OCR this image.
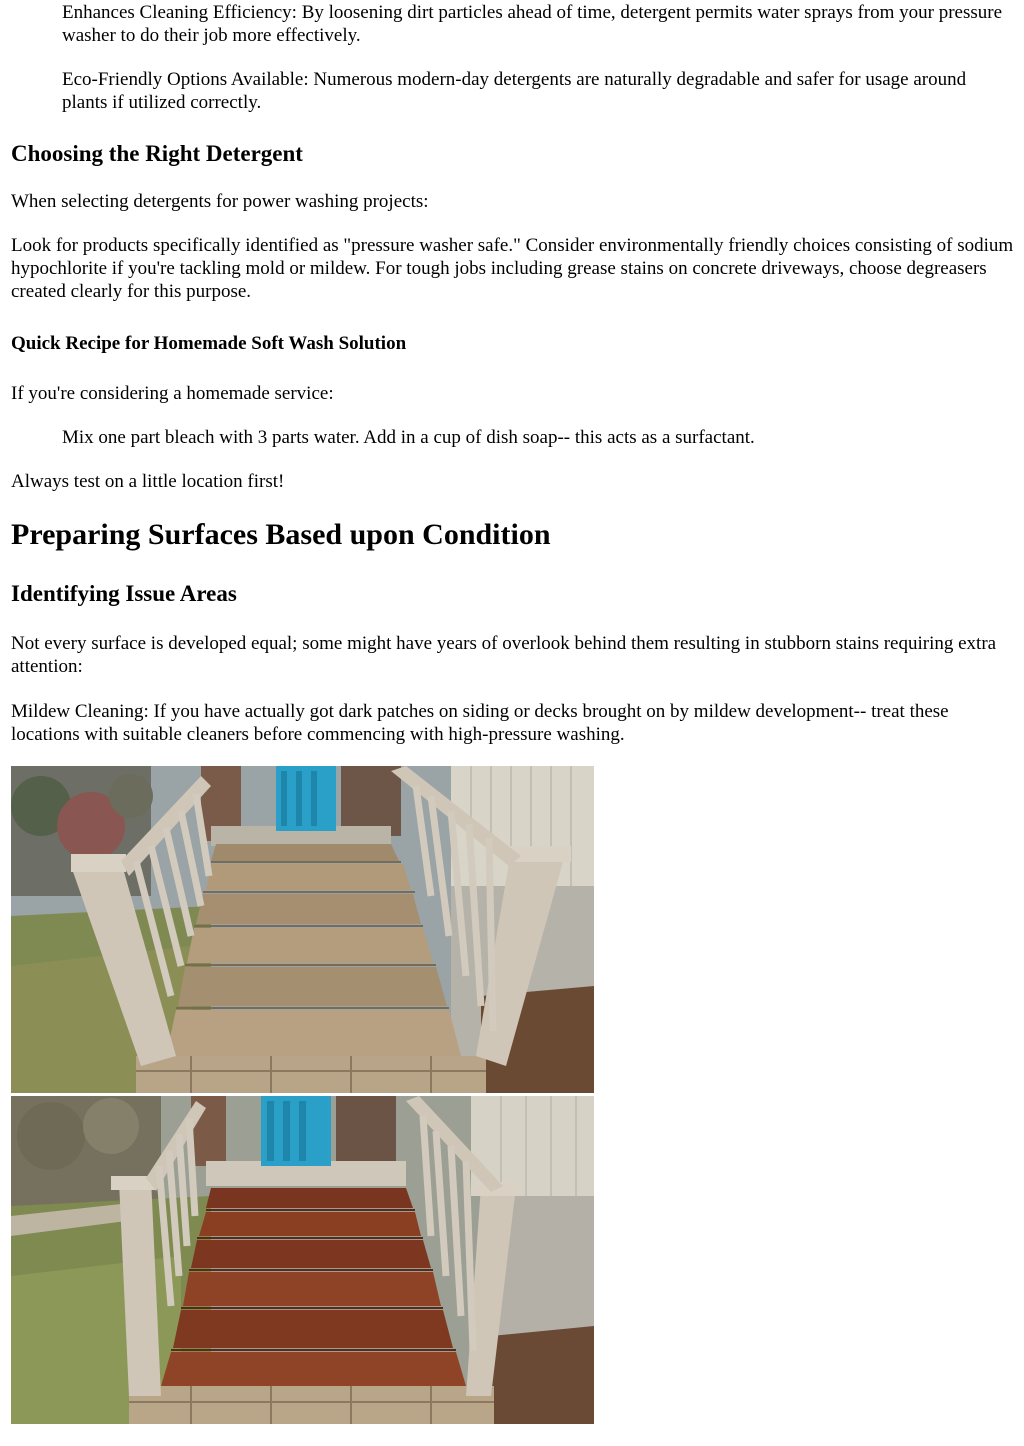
Enhances Cleaning Efficiency: By loosening dirt particles ahead of time, detergent permits water sprays from your pressure washer to do their job more effectively.

Eco-Friendly Options Available: Numerous modern-day detergents are naturally degradable and safer for usage around plants if utilized correctly.

Choosing the Right Detergent

When selecting detergents for power washing projects:

Look for products specifically identified as "pressure washer safe." Consider environmentally friendly choices consisting of sodium hypochlorite if you're tackling mold or mildew. For tough jobs including grease stains on concrete driveways, choose degreasers created clearly for this purpose.

Quick Recipe for Homemade Soft Wash Solution

If you're considering a homemade service:

Mix one part bleach with 3 parts water. Add in a cup of dish soap-- this acts as a surfactant.

Always test on a little location first!

Preparing Surfaces Based upon Condition
Identifying Issue Areas

Not every surface is developed equal; some might have years of overlook behind them resulting in stubborn stains requiring extra attention:

Mildew Cleaning: If you have actually got dark patches on siding or decks brought on by mildew development-- treat these locations with suitable cleaners before commencing with high-pressure washing.
